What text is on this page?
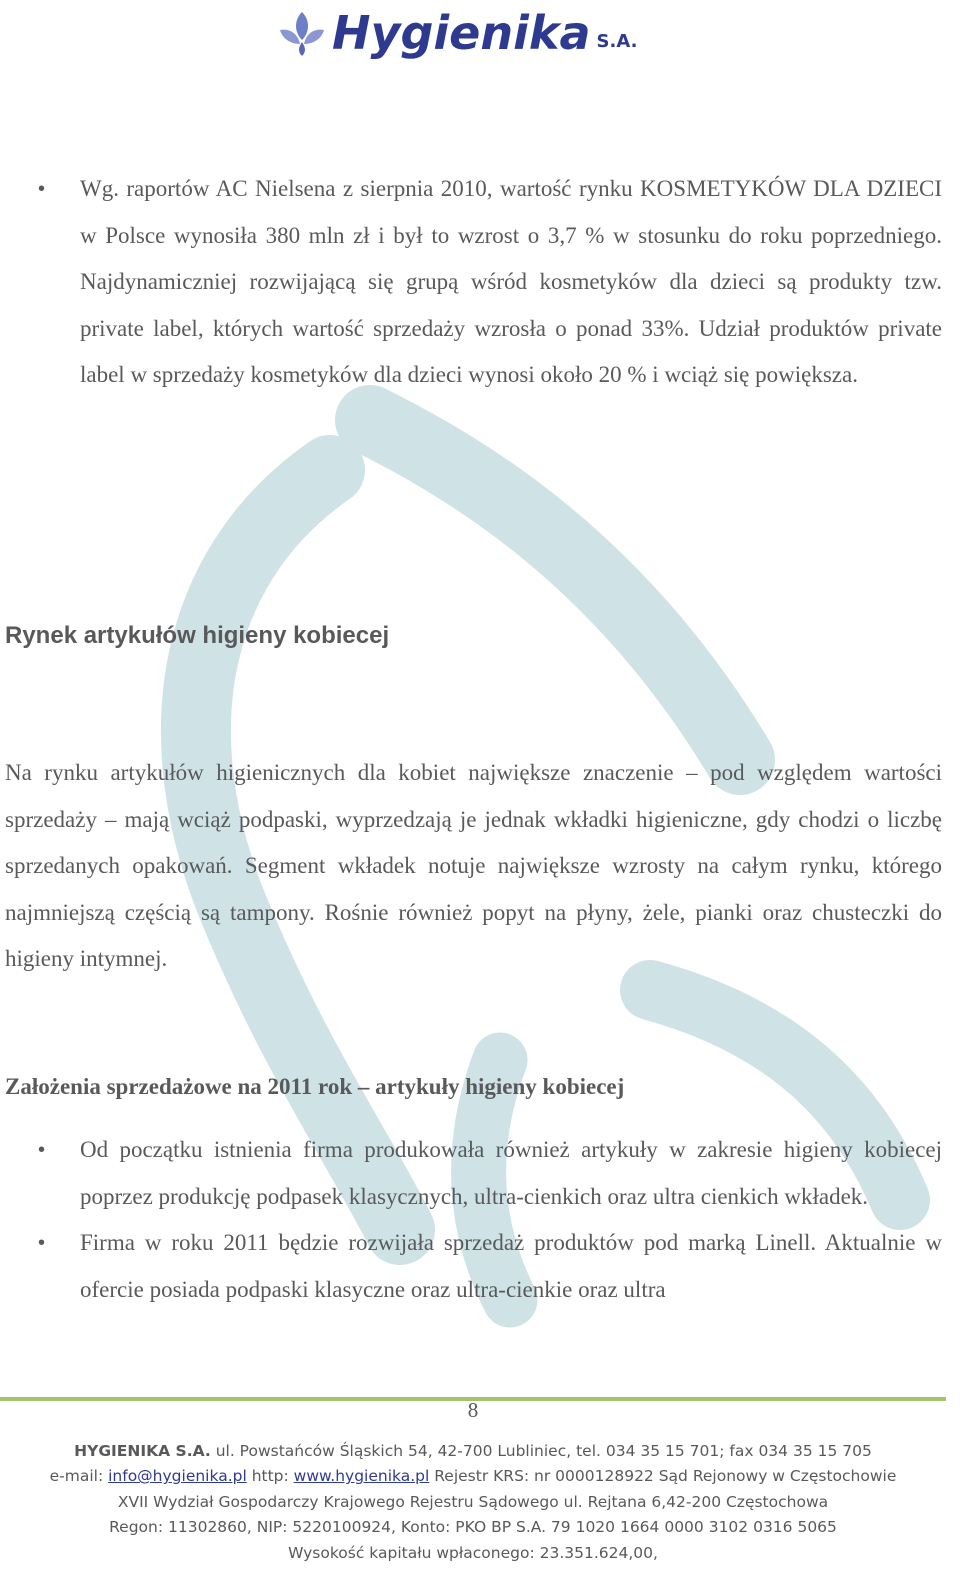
Hygienika S.A.
• Wg. raportów AC Nielsena z sierpnia 2010, wartość rynku KOSMETYKÓW DLA DZIECI w Polsce wynosiła 380 mln zł i był to wzrost o 3,7 % w stosunku do roku poprzedniego. Najdynamiczniej rozwijającą się grupą wśród kosmetyków dla dzieci są produkty tzw. private label, których wartość sprzedaży wzrosła o ponad 33%. Udział produktów private label w sprzedaży kosmetyków dla dzieci wynosi około 20 % i wciąż się powiększa.
Rynek artykułów higieny kobiecej

Na rynku artykułów higienicznych dla kobiet największe znaczenie – pod względem wartości sprzedaży – mają wciąż podpaski, wyprzedzają je jednak wkładki higieniczne, gdy chodzi o liczbę sprzedanych opakowań. Segment wkładek notuje największe wzrosty na całym rynku, którego najmniejszą częścią są tampony. Rośnie również popyt na płyny, żele, pianki oraz chusteczki do higieny intymnej.

Założenia sprzedażowe na 2011 rok – artykuły higieny kobiecej
• Od początku istnienia firma produkowała również artykuły w zakresie higieny kobiecej poprzez produkcję podpasek klasycznych, ultra-cienkich oraz ultra cienkich wkładek.
• Firma w roku 2011 będzie rozwijała sprzedaż produktów pod marką Linell. Aktualnie w ofercie posiada podpaski klasyczne oraz ultra-cienkie oraz ultra
8
HYGIENIKA S.A. ul. Powstańców Śląskich 54, 42-700 Lubliniec, tel. 034 35 15 701; fax 034 35 15 705
e-mail: info@hygienika.pl http: www.hygienika.pl Rejestr KRS: nr 0000128922 Sąd Rejonowy w Częstochowie
XVII Wydział Gospodarczy Krajowego Rejestru Sądowego ul. Rejtana 6,42-200 Częstochowa
Regon: 11302860, NIP: 5220100924, Konto: PKO BP S.A. 79 1020 1664 0000 3102 0316 5065
Wysokość kapitału wpłaconego: 23.351.624,00,
